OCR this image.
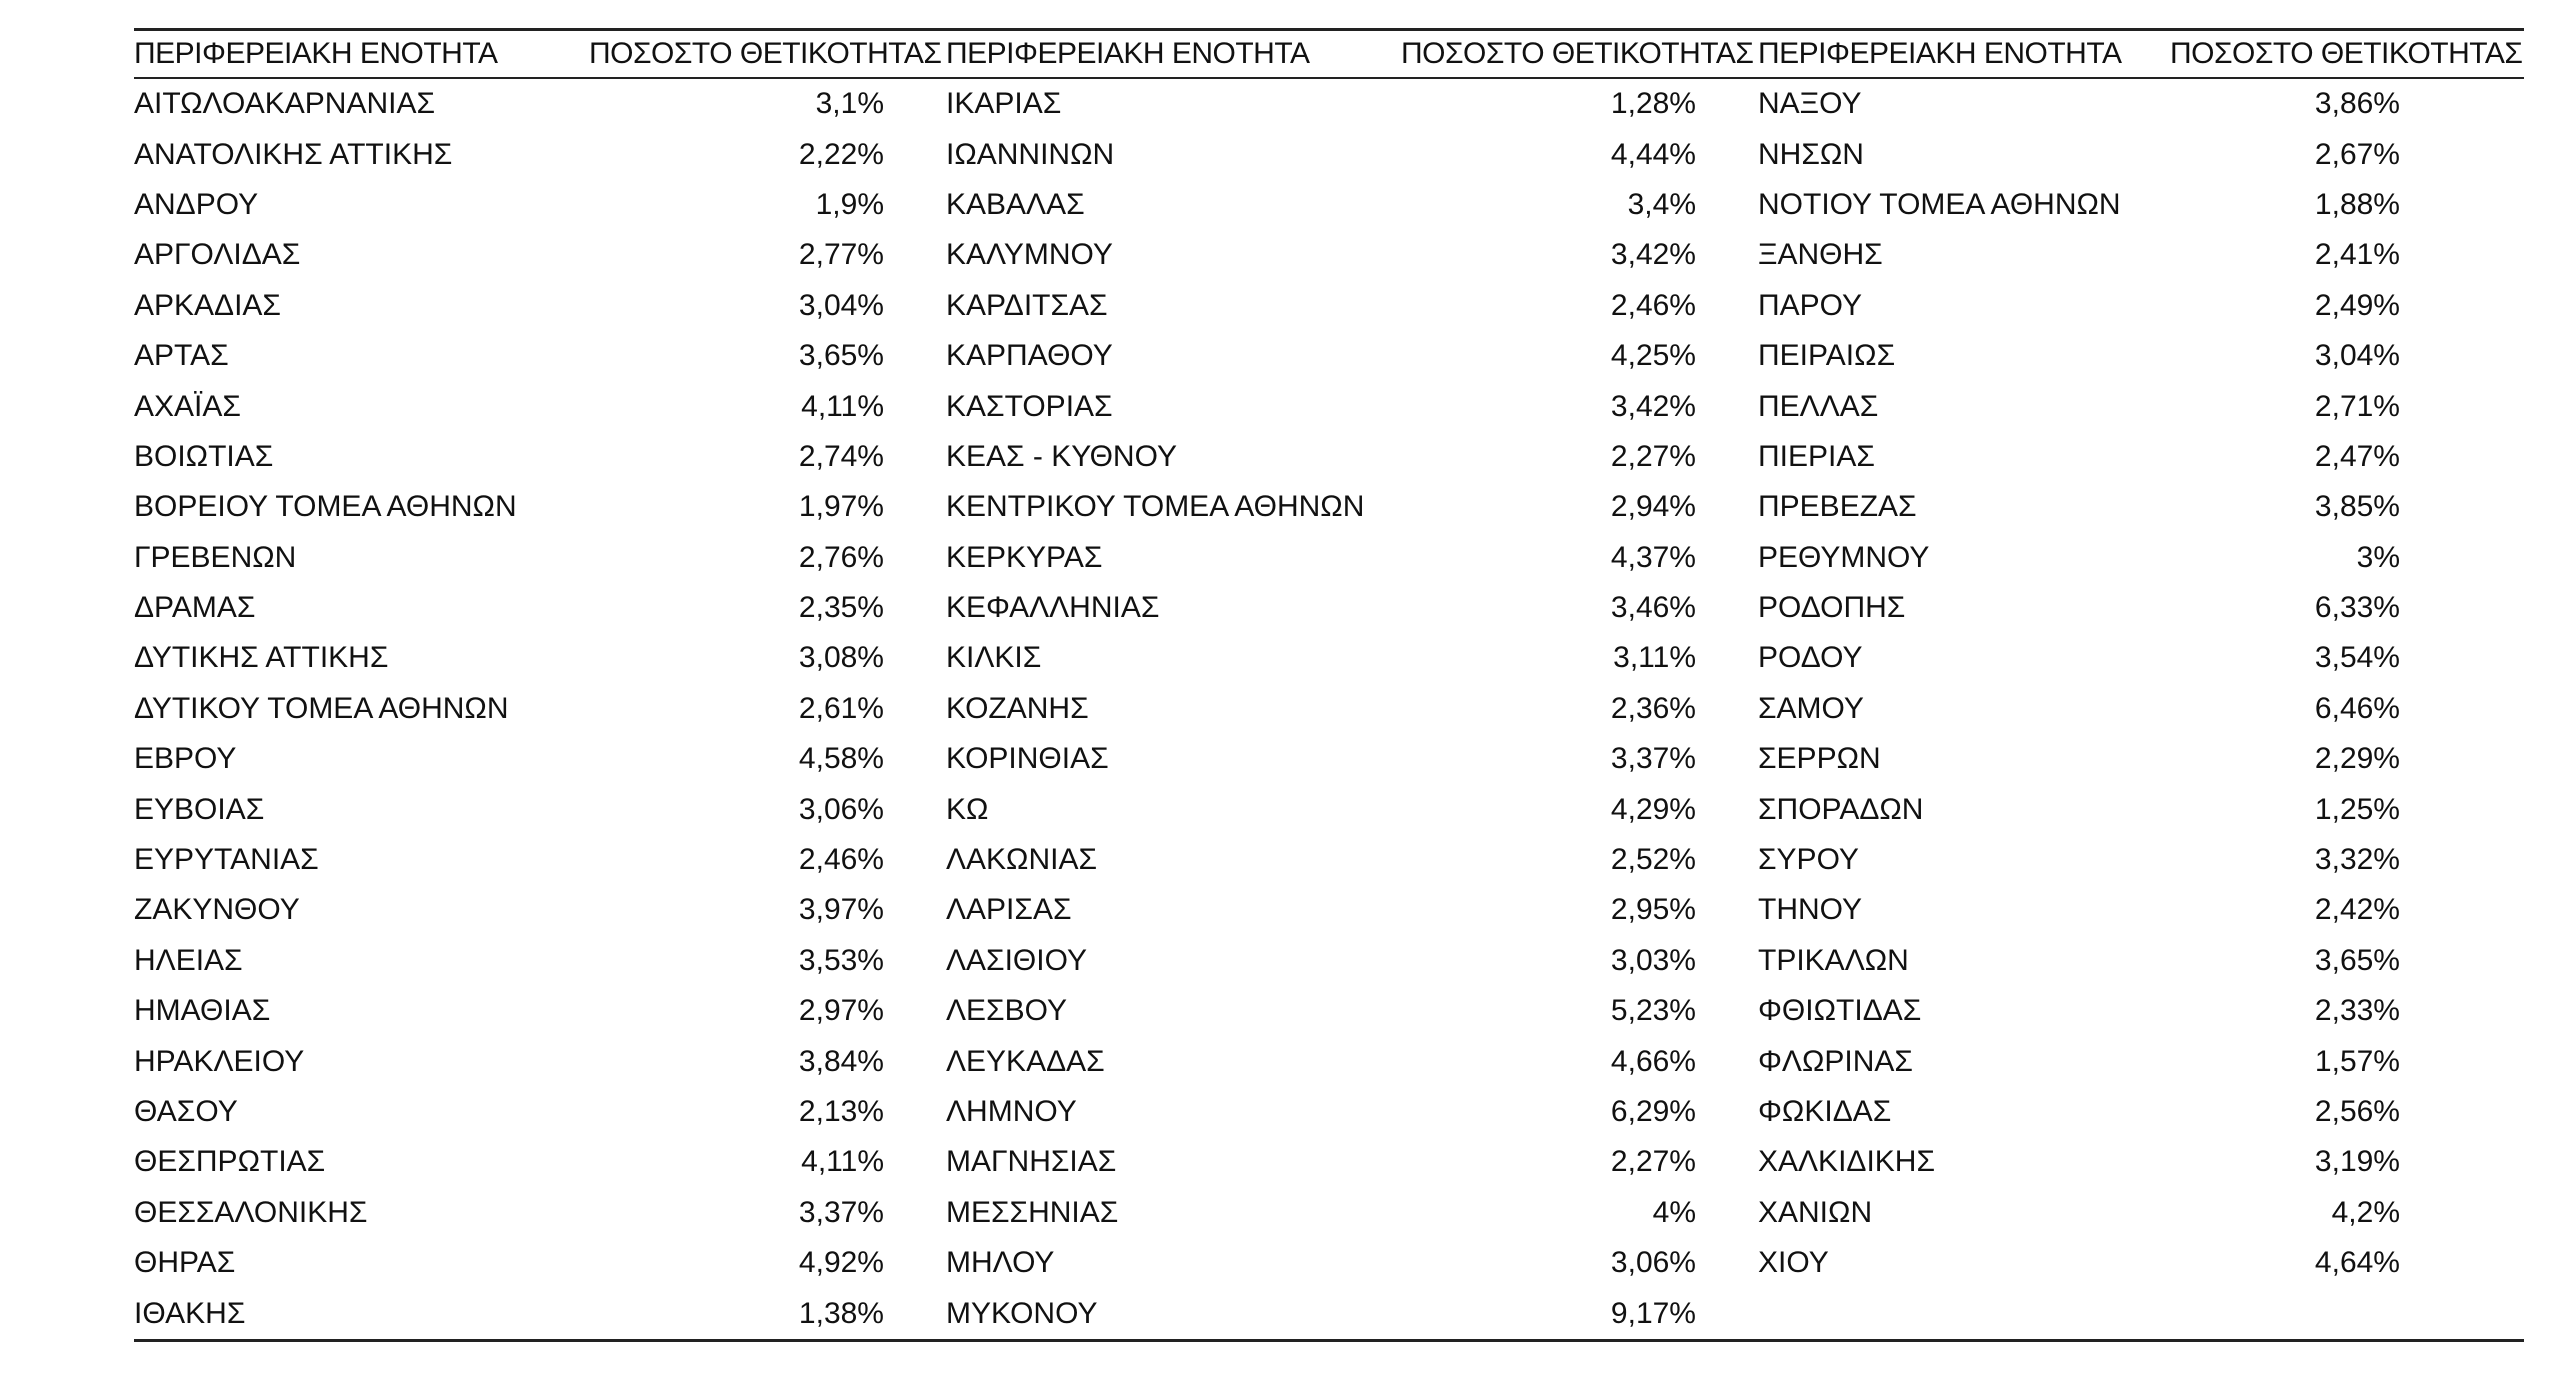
ΠΕΡΙΦΕΡΕΙΑΚΗ ΕΝΟΤΗΤΑ	ΠΟΣΟΣΤΟ ΘΕΤΙΚΟΤΗΤΑΣ	ΠΕΡΙΦΕΡΕΙΑΚΗ ΕΝΟΤΗΤΑ	ΠΟΣΟΣΤΟ ΘΕΤΙΚΟΤΗΤΑΣ	ΠΕΡΙΦΕΡΕΙΑΚΗ ΕΝΟΤΗΤΑ	ΠΟΣΟΣΤΟ ΘΕΤΙΚΟΤΗΤΑΣ
ΑΙΤΩΛΟΑΚΑΡΝΑΝΙΑΣ	3,1%	ΙΚΑΡΙΑΣ	1,28%	ΝΑΞΟΥ	3,86%
ΑΝΑΤΟΛΙΚΗΣ ΑΤΤΙΚΗΣ	2,22%	ΙΩΑΝΝΙΝΩΝ	4,44%	ΝΗΣΩΝ	2,67%
ΑΝΔΡΟΥ	1,9%	ΚΑΒΑΛΑΣ	3,4%	ΝΟΤΙΟΥ ΤΟΜΕΑ ΑΘΗΝΩΝ	1,88%
ΑΡΓΟΛΙΔΑΣ	2,77%	ΚΑΛΥΜΝΟΥ	3,42%	ΞΑΝΘΗΣ	2,41%
ΑΡΚΑΔΙΑΣ	3,04%	ΚΑΡΔΙΤΣΑΣ	2,46%	ΠΑΡΟΥ	2,49%
ΑΡΤΑΣ	3,65%	ΚΑΡΠΑΘΟΥ	4,25%	ΠΕΙΡΑΙΩΣ	3,04%
ΑΧΑΪΑΣ	4,11%	ΚΑΣΤΟΡΙΑΣ	3,42%	ΠΕΛΛΑΣ	2,71%
ΒΟΙΩΤΙΑΣ	2,74%	ΚΕΑΣ - ΚΥΘΝΟΥ	2,27%	ΠΙΕΡΙΑΣ	2,47%
ΒΟΡΕΙΟΥ ΤΟΜΕΑ ΑΘΗΝΩΝ	1,97%	ΚΕΝΤΡΙΚΟΥ ΤΟΜΕΑ ΑΘΗΝΩΝ	2,94%	ΠΡΕΒΕΖΑΣ	3,85%
ΓΡΕΒΕΝΩΝ	2,76%	ΚΕΡΚΥΡΑΣ	4,37%	ΡΕΘΥΜΝΟΥ	3%
ΔΡΑΜΑΣ	2,35%	ΚΕΦΑΛΛΗΝΙΑΣ	3,46%	ΡΟΔΟΠΗΣ	6,33%
ΔΥΤΙΚΗΣ ΑΤΤΙΚΗΣ	3,08%	ΚΙΛΚΙΣ	3,11%	ΡΟΔΟΥ	3,54%
ΔΥΤΙΚΟΥ ΤΟΜΕΑ ΑΘΗΝΩΝ	2,61%	ΚΟΖΑΝΗΣ	2,36%	ΣΑΜΟΥ	6,46%
ΕΒΡΟΥ	4,58%	ΚΟΡΙΝΘΙΑΣ	3,37%	ΣΕΡΡΩΝ	2,29%
ΕΥΒΟΙΑΣ	3,06%	ΚΩ	4,29%	ΣΠΟΡΑΔΩΝ	1,25%
ΕΥΡΥΤΑΝΙΑΣ	2,46%	ΛΑΚΩΝΙΑΣ	2,52%	ΣΥΡΟΥ	3,32%
ΖΑΚΥΝΘΟΥ	3,97%	ΛΑΡΙΣΑΣ	2,95%	ΤΗΝΟΥ	2,42%
ΗΛΕΙΑΣ	3,53%	ΛΑΣΙΘΙΟΥ	3,03%	ΤΡΙΚΑΛΩΝ	3,65%
ΗΜΑΘΙΑΣ	2,97%	ΛΕΣΒΟΥ	5,23%	ΦΘΙΩΤΙΔΑΣ	2,33%
ΗΡΑΚΛΕΙΟΥ	3,84%	ΛΕΥΚΑΔΑΣ	4,66%	ΦΛΩΡΙΝΑΣ	1,57%
ΘΑΣΟΥ	2,13%	ΛΗΜΝΟΥ	6,29%	ΦΩΚΙΔΑΣ	2,56%
ΘΕΣΠΡΩΤΙΑΣ	4,11%	ΜΑΓΝΗΣΙΑΣ	2,27%	ΧΑΛΚΙΔΙΚΗΣ	3,19%
ΘΕΣΣΑΛΟΝΙΚΗΣ	3,37%	ΜΕΣΣΗΝΙΑΣ	4%	ΧΑΝΙΩΝ	4,2%
ΘΗΡΑΣ	4,92%	ΜΗΛΟΥ	3,06%	ΧΙΟΥ	4,64%
ΙΘΑΚΗΣ	1,38%	ΜΥΚΟΝΟΥ	9,17%		
